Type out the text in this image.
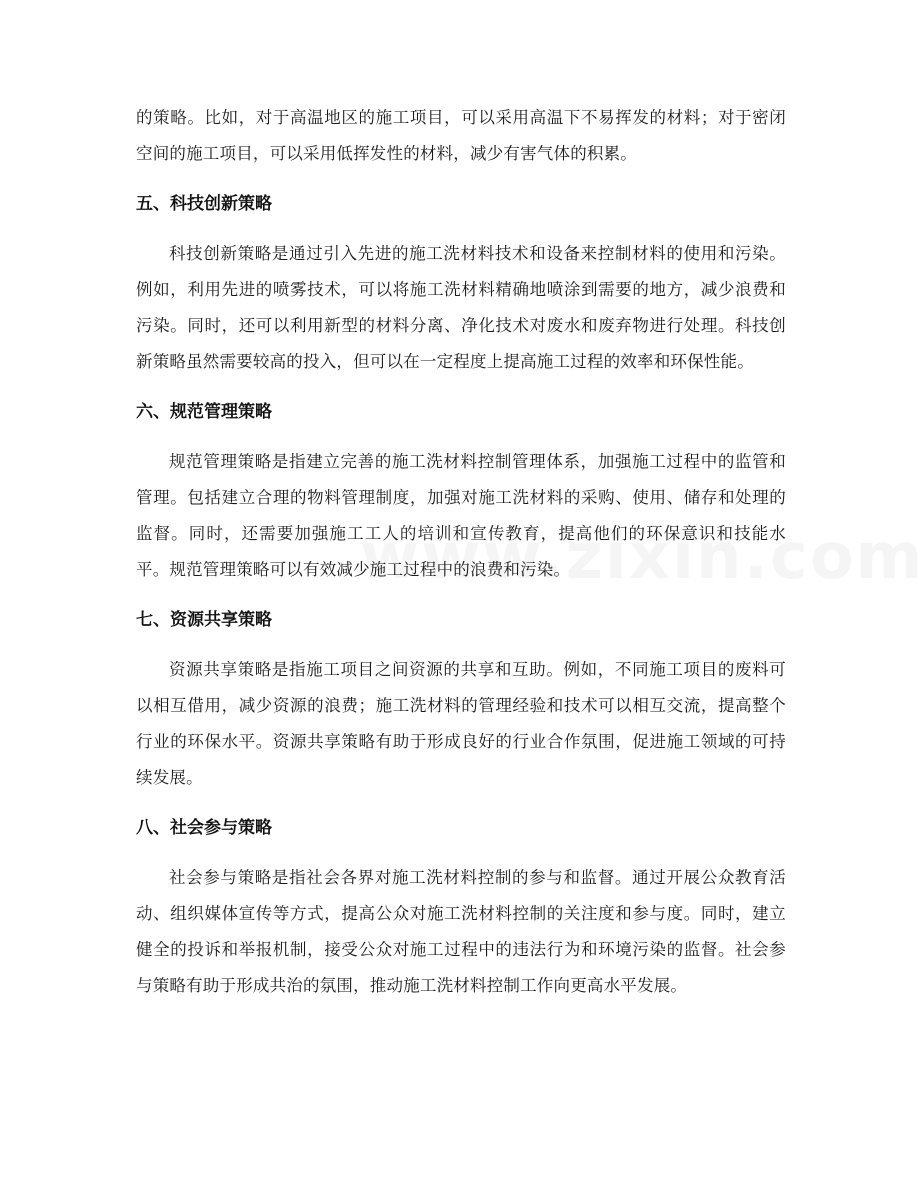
的策略。比如，对于高温地区的施工项目，可以采用高温下不易挥发的材料；对于密闭空间的施工项目，可以采用低挥发性的材料，减少有害气体的积累。

五、科技创新策略

科技创新策略是通过引入先进的施工洗材料技术和设备来控制材料的使用和污染。例如，利用先进的喷雾技术，可以将施工洗材料精确地喷涂到需要的地方，减少浪费和污染。同时，还可以利用新型的材料分离、净化技术对废水和废弃物进行处理。科技创新策略虽然需要较高的投入，但可以在一定程度上提高施工过程的效率和环保性能。

六、规范管理策略

规范管理策略是指建立完善的施工洗材料控制管理体系，加强施工过程中的监管和管理。包括建立合理的物料管理制度，加强对施工洗材料的采购、使用、储存和处理的监督。同时，还需要加强施工工人的培训和宣传教育，提高他们的环保意识和技能水平。规范管理策略可以有效减少施工过程中的浪费和污染。

七、资源共享策略

资源共享策略是指施工项目之间资源的共享和互助。例如，不同施工项目的废料可以相互借用，减少资源的浪费；施工洗材料的管理经验和技术可以相互交流，提高整个行业的环保水平。资源共享策略有助于形成良好的行业合作氛围，促进施工领域的可持续发展。

八、社会参与策略

社会参与策略是指社会各界对施工洗材料控制的参与和监督。通过开展公众教育活动、组织媒体宣传等方式，提高公众对施工洗材料控制的关注度和参与度。同时，建立健全的投诉和举报机制，接受公众对施工过程中的违法行为和环境污染的监督。社会参与策略有助于形成共治的氛围，推动施工洗材料控制工作向更高水平发展。
